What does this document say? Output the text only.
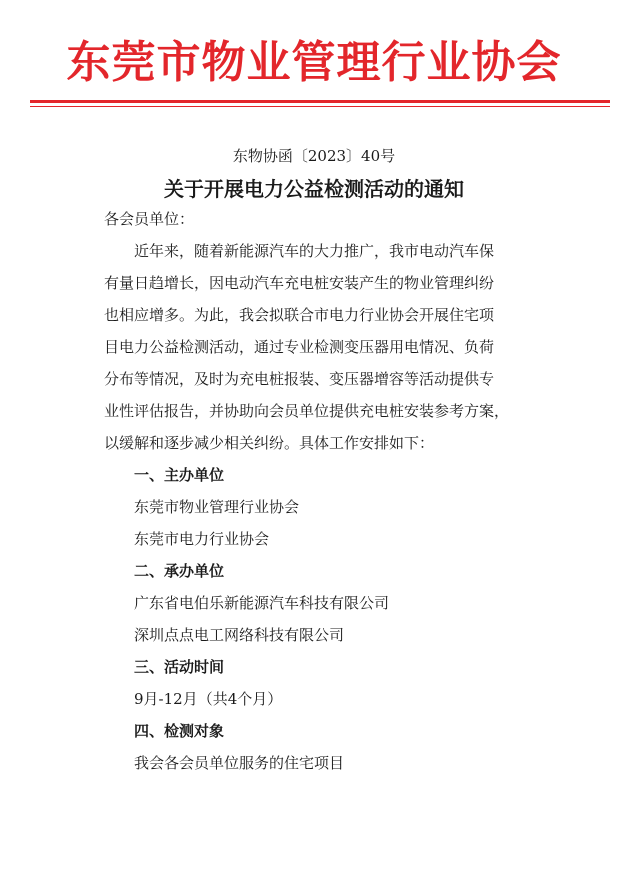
东莞市物业管理行业协会
东物协函〔2023〕40号
关于开展电力公益检测活动的通知
各会员单位：
近年来，随着新能源汽车的大力推广，我市电动汽车保
有量日趋增长，因电动汽车充电桩安装产生的物业管理纠纷
也相应增多。为此，我会拟联合市电力行业协会开展住宅项
目电力公益检测活动，通过专业检测变压器用电情况、负荷
分布等情况，及时为充电桩报装、变压器增容等活动提供专
业性评估报告，并协助向会员单位提供充电桩安装参考方案，
以缓解和逐步减少相关纠纷。具体工作安排如下：
一、主办单位
东莞市物业管理行业协会
东莞市电力行业协会
二、承办单位
广东省电伯乐新能源汽车科技有限公司
深圳点点电工网络科技有限公司
三、活动时间
9月-12月（共4个月）
四、检测对象
我会各会员单位服务的住宅项目
